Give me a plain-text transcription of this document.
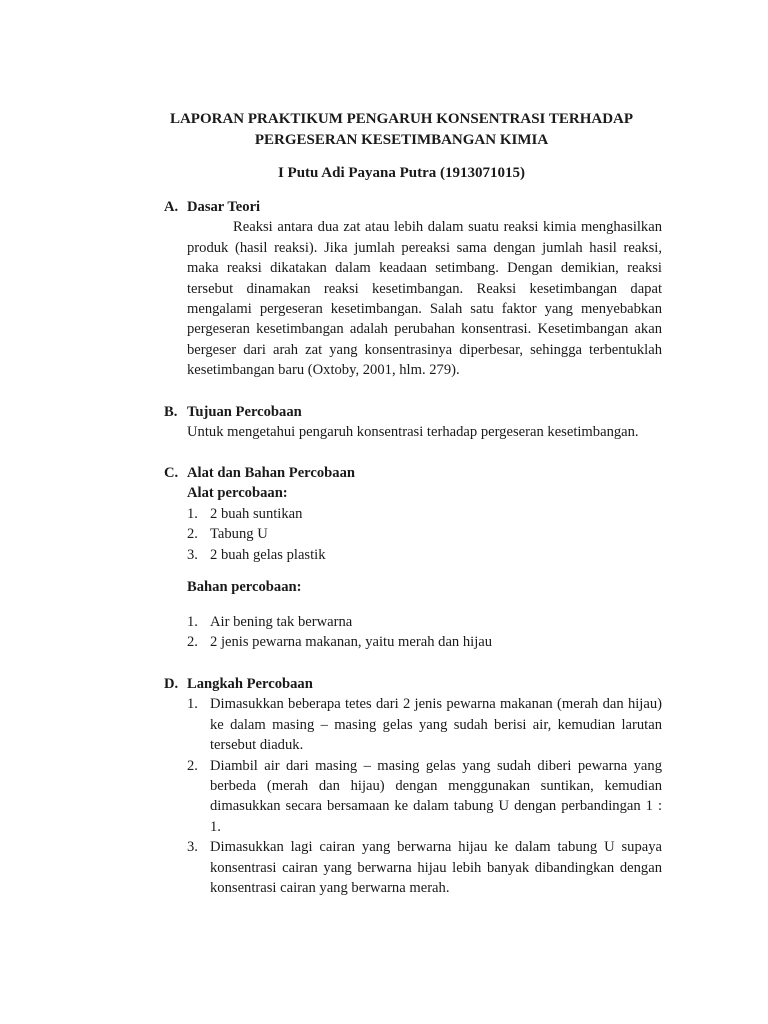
LAPORAN PRAKTIKUM PENGARUH KONSENTRASI TERHADAP
PERGESERAN KESETIMBANGAN KIMIA
I Putu Adi Payana Putra (1913071015)
A. Dasar Teori
Reaksi antara dua zat atau lebih dalam suatu reaksi kimia menghasilkan produk (hasil reaksi). Jika jumlah pereaksi sama dengan jumlah hasil reaksi, maka reaksi dikatakan dalam keadaan setimbang. Dengan demikian, reaksi tersebut dinamakan reaksi kesetimbangan. Reaksi kesetimbangan dapat mengalami pergeseran kesetimbangan. Salah satu faktor yang menyebabkan pergeseran kesetimbangan adalah perubahan konsentrasi. Kesetimbangan akan bergeser dari arah zat yang konsentrasinya diperbesar, sehingga terbentuklah kesetimbangan baru (Oxtoby, 2001, hlm. 279).
B. Tujuan Percobaan
Untuk mengetahui pengaruh konsentrasi terhadap pergeseran kesetimbangan.
C. Alat dan Bahan Percobaan
Alat percobaan:
1. 2 buah suntikan
2. Tabung U
3. 2 buah gelas plastik
Bahan percobaan:
1. Air bening tak berwarna
2. 2 jenis pewarna makanan, yaitu merah dan hijau
D. Langkah Percobaan
1. Dimasukkan beberapa tetes dari 2 jenis pewarna makanan (merah dan hijau) ke dalam masing – masing gelas yang sudah berisi air, kemudian larutan tersebut diaduk.
2. Diambil air dari masing – masing gelas yang sudah diberi pewarna yang berbeda (merah dan hijau) dengan menggunakan suntikan, kemudian dimasukkan secara bersamaan ke dalam tabung U dengan perbandingan 1 : 1.
3. Dimasukkan lagi cairan yang berwarna hijau ke dalam tabung U supaya konsentrasi cairan yang berwarna hijau lebih banyak dibandingkan dengan konsentrasi cairan yang berwarna merah.
